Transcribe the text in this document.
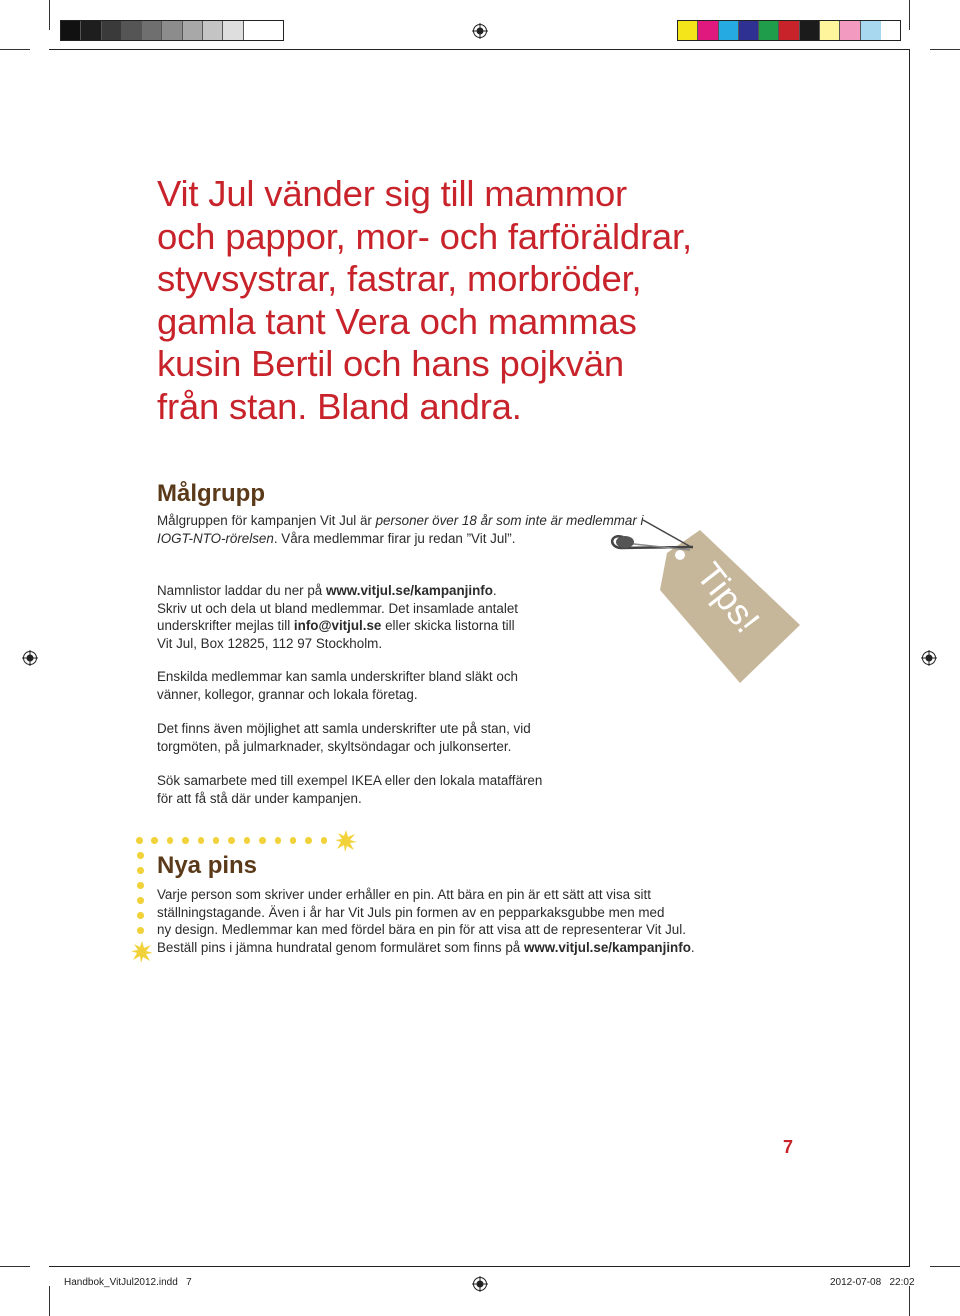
Vit Jul vänder sig till mammor
och pappor, mor- och farföräldrar,
styvsystrar, fastrar, morbröder,
gamla tant Vera och mammas
kusin Bertil och hans pojkvän
från stan. Bland andra.
Målgrupp

Målgruppen för kampanjen Vit Jul är personer över 18 år som inte är medlemmar i
IOGT-NTO-rörelsen. Våra medlemmar firar ju redan ”Vit Jul”.

Namnlistor laddar du ner på www.vitjul.se/kampanjinfo.
Skriv ut och dela ut bland medlemmar. Det insamlade antalet
underskrifter mejlas till info@vitjul.se eller skicka listorna till
Vit Jul, Box 12825, 112 97 Stockholm.

Enskilda medlemmar kan samla underskrifter bland släkt och
vänner, kollegor, grannar och lokala företag.

Det finns även möjlighet att samla underskrifter ute på stan, vid
torgmöten, på julmarknader, skyltsöndagar och julkonserter.

Sök samarbete med till exempel IKEA eller den lokala mataffären
för att få stå där under kampanjen.

Tips!
Nya pins

Varje person som skriver under erhåller en pin. Att bära en pin är ett sätt att visa sitt
ställningstagande. Även i år har Vit Juls pin formen av en pepparkaksgubbe men med
ny design. Medlemmar kan med fördel bära en pin för att visa att de representerar Vit Jul.
Beställ pins i jämna hundratal genom formuläret som finns på www.vitjul.se/kampanjinfo.

7
Handbok_VitJul2012.indd   7	2012-07-08   22:02
